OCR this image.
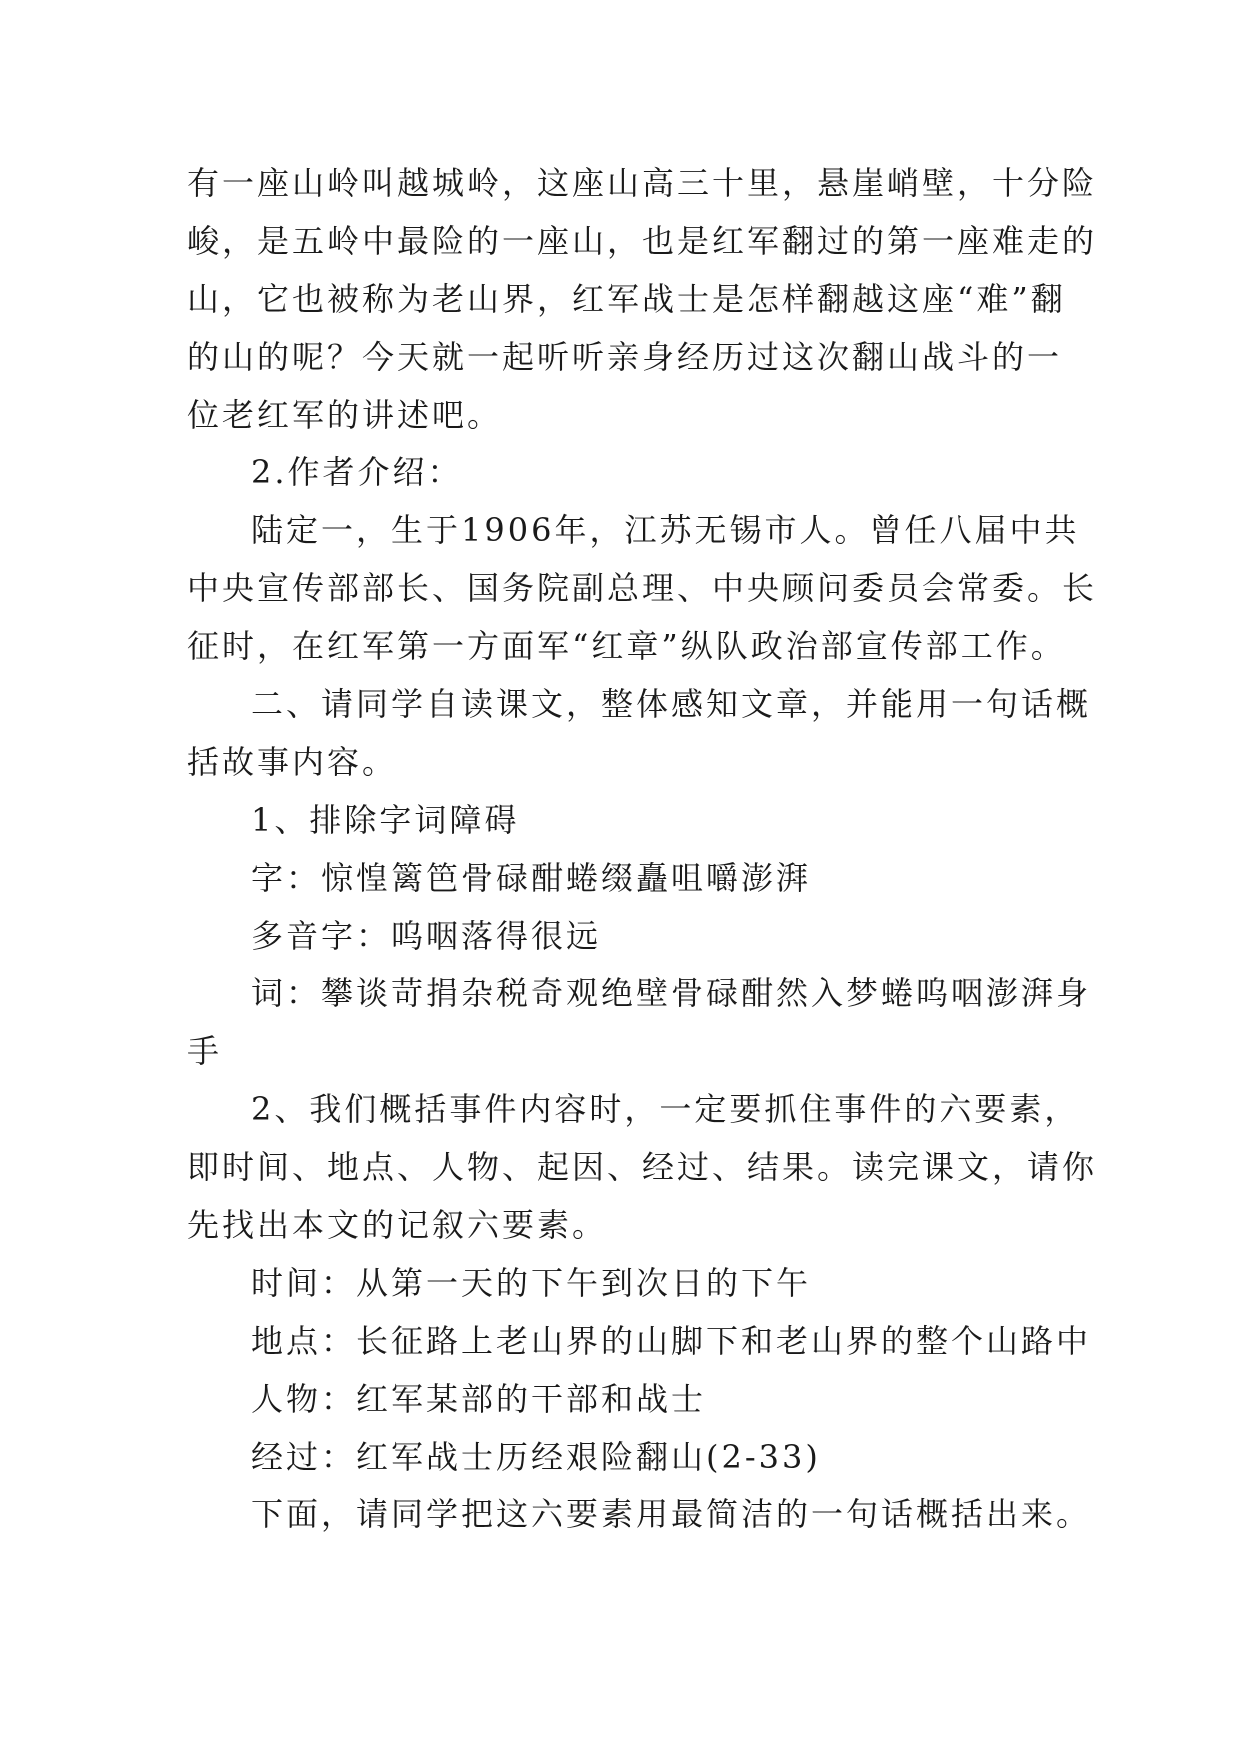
有一座山岭叫越城岭，这座山高三十里，悬崖峭壁，十分险
峻，是五岭中最险的一座山，也是红军翻过的第一座难走的
山，它也被称为老山界，红军战士是怎样翻越这座“难”翻
的山的呢？今天就一起听听亲身经历过这次翻山战斗的一
位老红军的讲述吧。
2.作者介绍：
陆定一，生于1906年，江苏无锡市人。曾任八届中共
中央宣传部部长、国务院副总理、中央顾问委员会常委。长
征时，在红军第一方面军“红章”纵队政治部宣传部工作。
二、请同学自读课文，整体感知文章，并能用一句话概
括故事内容。
1、排除字词障碍
字：惊惶篱笆骨碌酣蜷缀矗咀嚼澎湃
多音字：呜咽落得很远
词：攀谈苛捐杂税奇观绝壁骨碌酣然入梦蜷呜咽澎湃身
手
2、我们概括事件内容时，一定要抓住事件的六要素，
即时间、地点、人物、起因、经过、结果。读完课文，请你
先找出本文的记叙六要素。
时间：从第一天的下午到次日的下午
地点：长征路上老山界的山脚下和老山界的整个山路中
人物：红军某部的干部和战士
经过：红军战士历经艰险翻山(2-33)
下面，请同学把这六要素用最简洁的一句话概括出来。
